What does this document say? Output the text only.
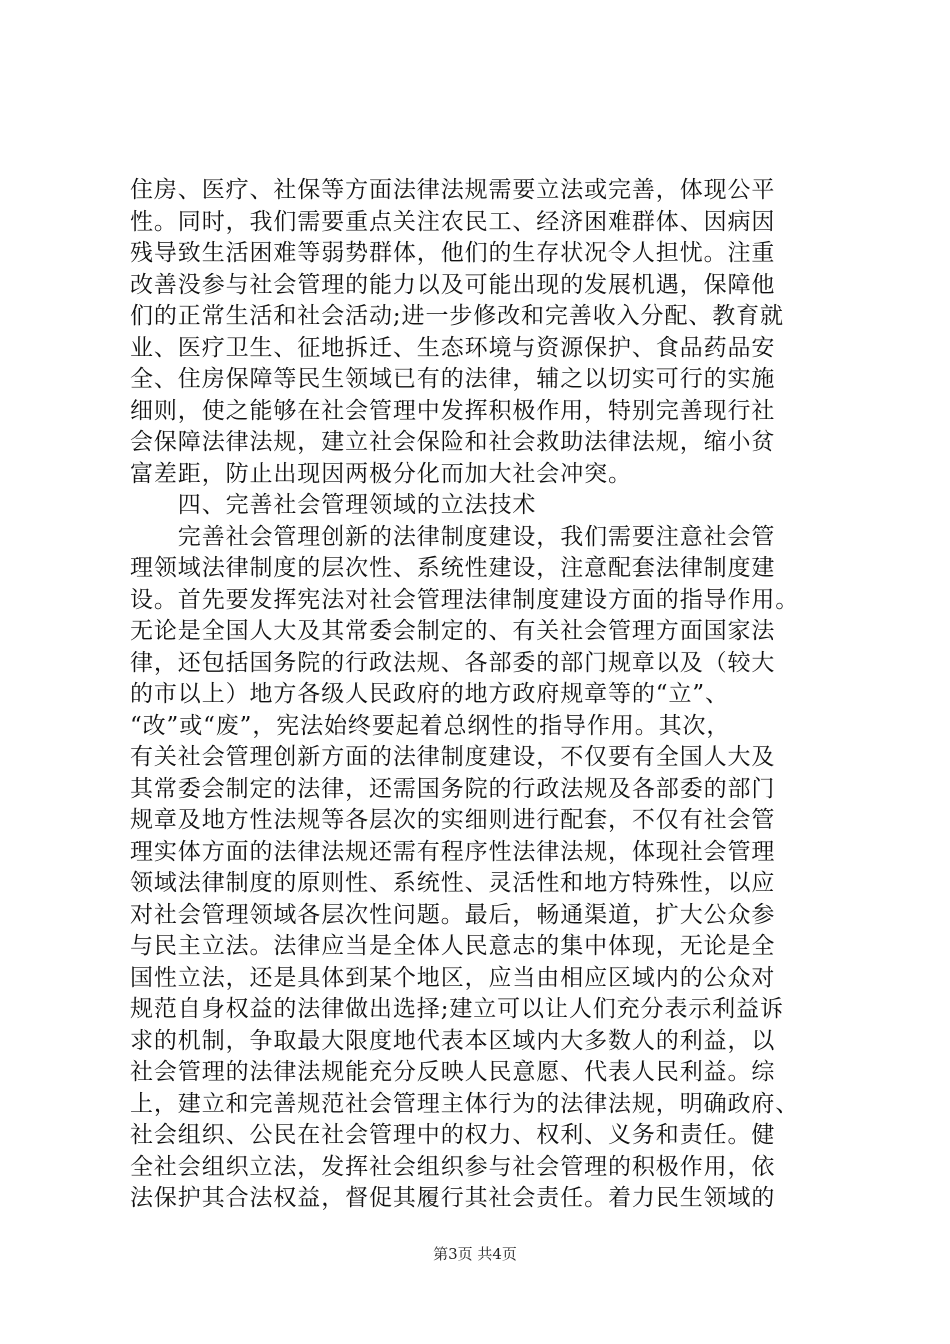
住房、医疗、社保等方面法律法规需要立法或完善，体现公平
性。同时，我们需要重点关注农民工、经济困难群体、因病因
残导致生活困难等弱势群体，他们的生存状况令人担忧。注重
改善没参与社会管理的能力以及可能出现的发展机遇，保障他
们的正常生活和社会活动;进一步修改和完善收入分配、教育就
业、医疗卫生、征地拆迁、生态环境与资源保护、食品药品安
全、住房保障等民生领域已有的法律，辅之以切实可行的实施
细则，使之能够在社会管理中发挥积极作用，特别完善现行社
会保障法律法规，建立社会保险和社会救助法律法规，缩小贫
富差距，防止出现因两极分化而加大社会冲突。
　　四、完善社会管理领域的立法技术
　　完善社会管理创新的法律制度建设，我们需要注意社会管
理领域法律制度的层次性、系统性建设，注意配套法律制度建
设。首先要发挥宪法对社会管理法律制度建设方面的指导作用。
无论是全国人大及其常委会制定的、有关社会管理方面国家法
律，还包括国务院的行政法规、各部委的部门规章以及（较大
的市以上）地方各级人民政府的地方政府规章等的“立”、
“改”或“废”，宪法始终要起着总纲性的指导作用。其次，
有关社会管理创新方面的法律制度建设，不仅要有全国人大及
其常委会制定的法律，还需国务院的行政法规及各部委的部门
规章及地方性法规等各层次的实细则进行配套，不仅有社会管
理实体方面的法律法规还需有程序性法律法规，体现社会管理
领域法律制度的原则性、系统性、灵活性和地方特殊性，以应
对社会管理领域各层次性问题。最后，畅通渠道，扩大公众参
与民主立法。法律应当是全体人民意志的集中体现，无论是全
国性立法，还是具体到某个地区，应当由相应区域内的公众对
规范自身权益的法律做出选择;建立可以让人们充分表示利益诉
求的机制，争取最大限度地代表本区域内大多数人的利益，以
社会管理的法律法规能充分反映人民意愿、代表人民利益。综
上，建立和完善规范社会管理主体行为的法律法规，明确政府、
社会组织、公民在社会管理中的权力、权利、义务和责任。健
全社会组织立法，发挥社会组织参与社会管理的积极作用，依
法保护其合法权益，督促其履行其社会责任。着力民生领域的
第3页 共4页
